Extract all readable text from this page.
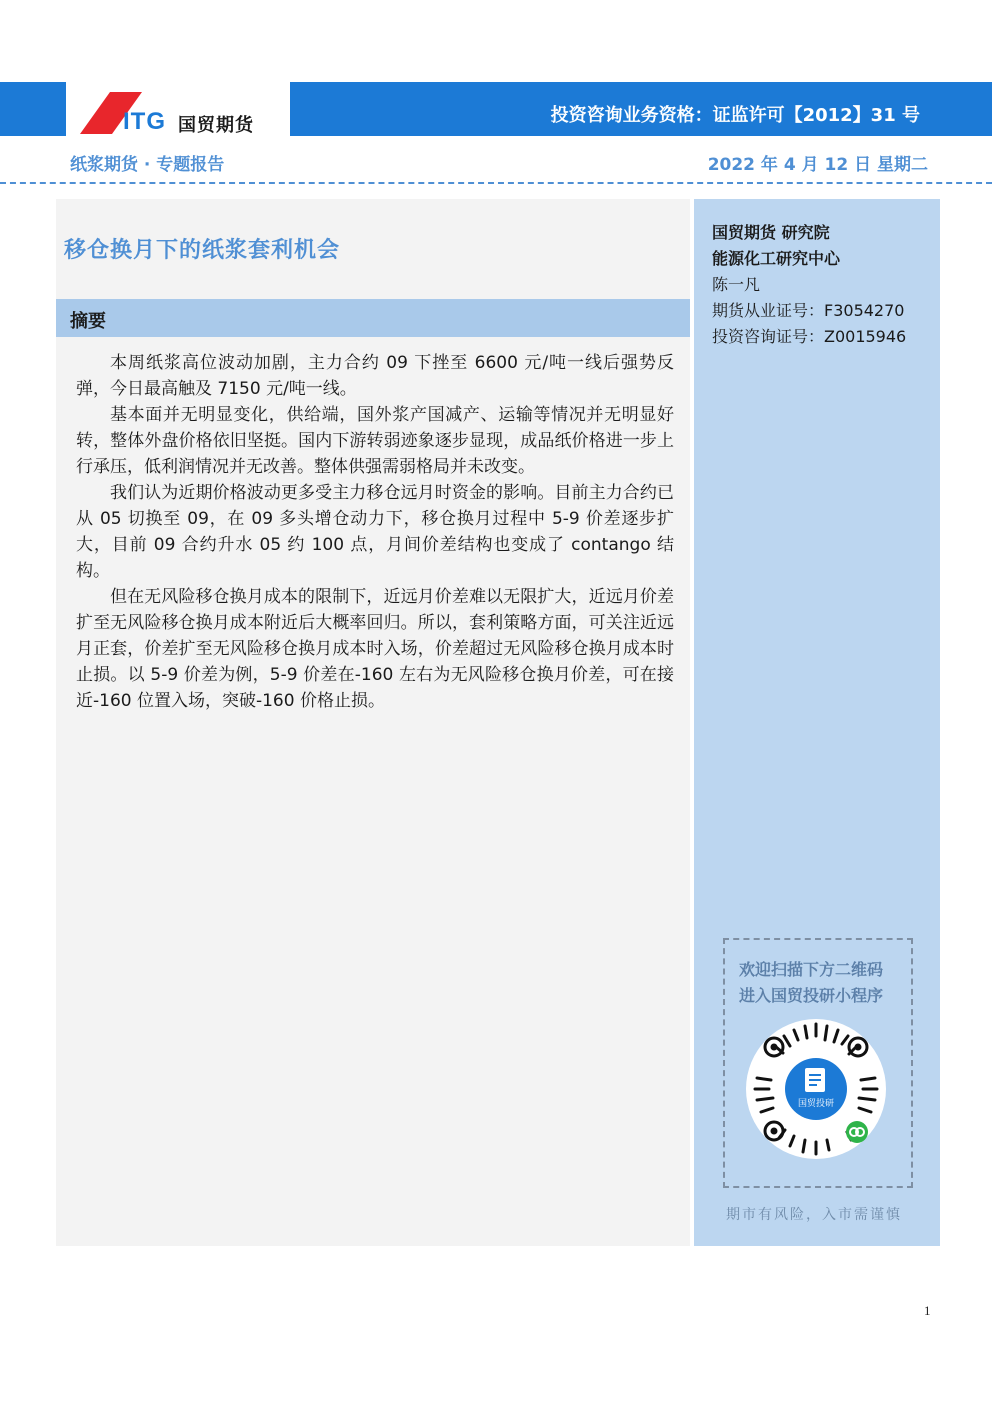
ITG 国贸期货	投资咨询业务资格：证监许可【2012】31 号
纸浆期货 · 专题报告	2022 年 4 月 12 日 星期二
移仓换月下的纸浆套利机会
摘要

本周纸浆高位波动加剧，主力合约 09 下挫至 6600 元/吨一线后强势反弹，今日最高触及 7150 元/吨一线。

基本面并无明显变化，供给端，国外浆产国减产、运输等情况并无明显好转，整体外盘价格依旧坚挺。国内下游转弱迹象逐步显现，成品纸价格进一步上行承压，低利润情况并无改善。整体供强需弱格局并未改变。

我们认为近期价格波动更多受主力移仓远月时资金的影响。目前主力合约已从 05 切换至 09，在 09 多头增仓动力下，移仓换月过程中 5-9 价差逐步扩大，目前 09 合约升水 05 约 100 点，月间价差结构也变成了 contango 结构。

但在无风险移仓换月成本的限制下，近远月价差难以无限扩大，近远月价差扩至无风险移仓换月成本附近后大概率回归。所以，套利策略方面，可关注近远月正套，价差扩至无风险移仓换月成本时入场，价差超过无风险移仓换月成本时止损。以 5-9 价差为例，5-9 价差在-160 左右为无风险移仓换月价差，可在接近-160 位置入场，突破-160 价格止损。

国贸期货 研究院
能源化工研究中心
陈一凡
期货从业证号：F3054270
投资咨询证号：Z0015946
欢迎扫描下方二维码
进入国贸投研小程序
国贸投研
期市有风险，入市需谨慎
1
